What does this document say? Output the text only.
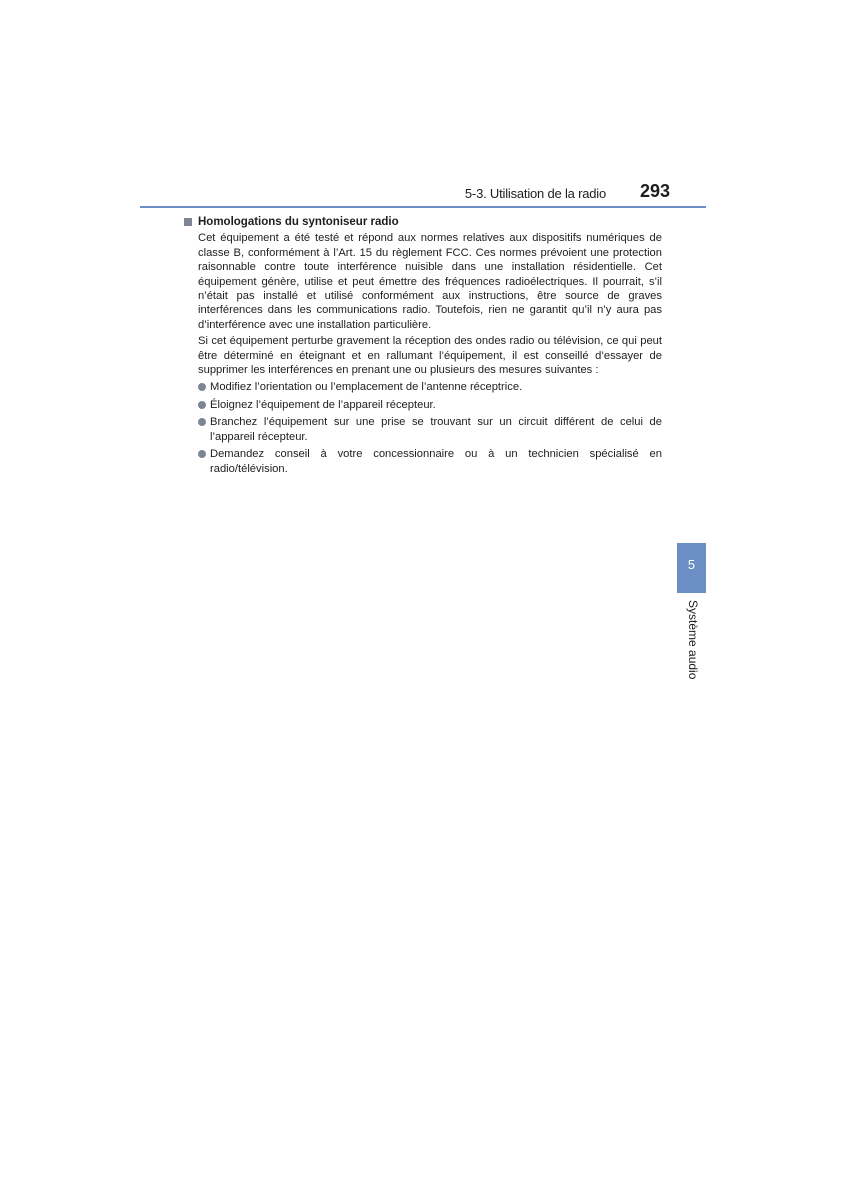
5-3. Utilisation de la radio 293
Homologations du syntoniseur radio

Cet équipement a été testé et répond aux normes relatives aux dispositifs numériques de classe B, conformément à l’Art. 15 du règlement FCC. Ces normes prévoient une protection raisonnable contre toute interférence nuisible dans une installation résidentielle. Cet équipement génère, utilise et peut émettre des fréquences radioélectriques. Il pourrait, s’il n’était pas installé et utilisé conformément aux instructions, être source de graves interférences dans les communications radio. Toutefois, rien ne garantit qu’il n’y aura pas d’interférence avec une installation particulière.

Si cet équipement perturbe gravement la réception des ondes radio ou télévision, ce qui peut être déterminé en éteignant et en rallumant l’équipement, il est conseillé d’essayer de supprimer les interférences en prenant une ou plusieurs des mesures suivantes :

Modifiez l’orientation ou l’emplacement de l’antenne réceptrice.
Éloignez l’équipement de l’appareil récepteur.
Branchez l’équipement sur une prise se trouvant sur un circuit différent de celui de l’appareil récepteur.
Demandez conseil à votre concessionnaire ou à un technicien spécialisé en radio/télévision.
5
Système audio
